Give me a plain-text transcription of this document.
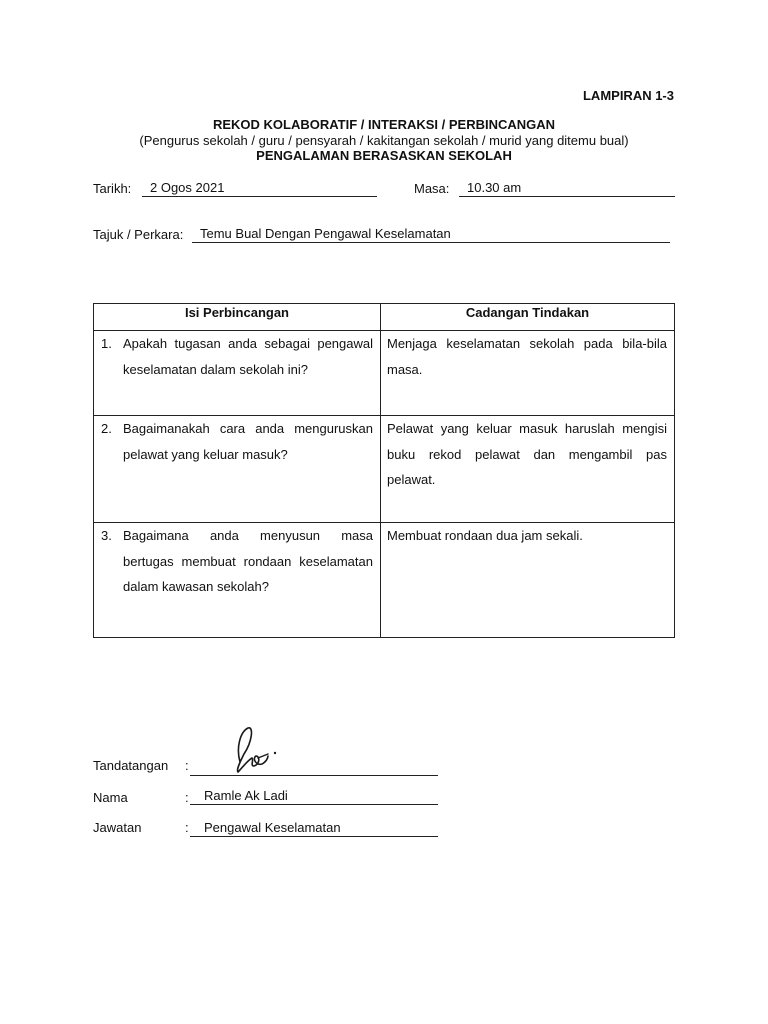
LAMPIRAN 1-3
REKOD KOLABORATIF / INTERAKSI / PERBINCANGAN
(Pengurus sekolah / guru / pensyarah / kakitangan sekolah / murid yang ditemu bual)
PENGALAMAN BERASASKAN SEKOLAH
Tarikh:	2 Ogos 2021	Masa:	10.30 am
Tajuk / Perkara:	Temu Bual Dengan Pengawal Keselamatan
Isi Perbincangan	Cadangan Tindakan

1. Apakah tugasan anda sebagai pengawal keselamatan dalam sekolah ini?	Menjaga keselamatan sekolah pada bila-bila masa.

2. Bagaimanakah cara anda menguruskan pelawat yang keluar masuk?	Pelawat yang keluar masuk haruslah mengisi buku rekod pelawat dan mengambil pas pelawat.

3. Bagaimana anda menyusun masa bertugas membuat rondaan keselamatan dalam kawasan sekolah?	Membuat rondaan dua jam sekali.
Tandatangan :
Nama	:	Ramle Ak Ladi
Jawatan	:	Pengawal Keselamatan
